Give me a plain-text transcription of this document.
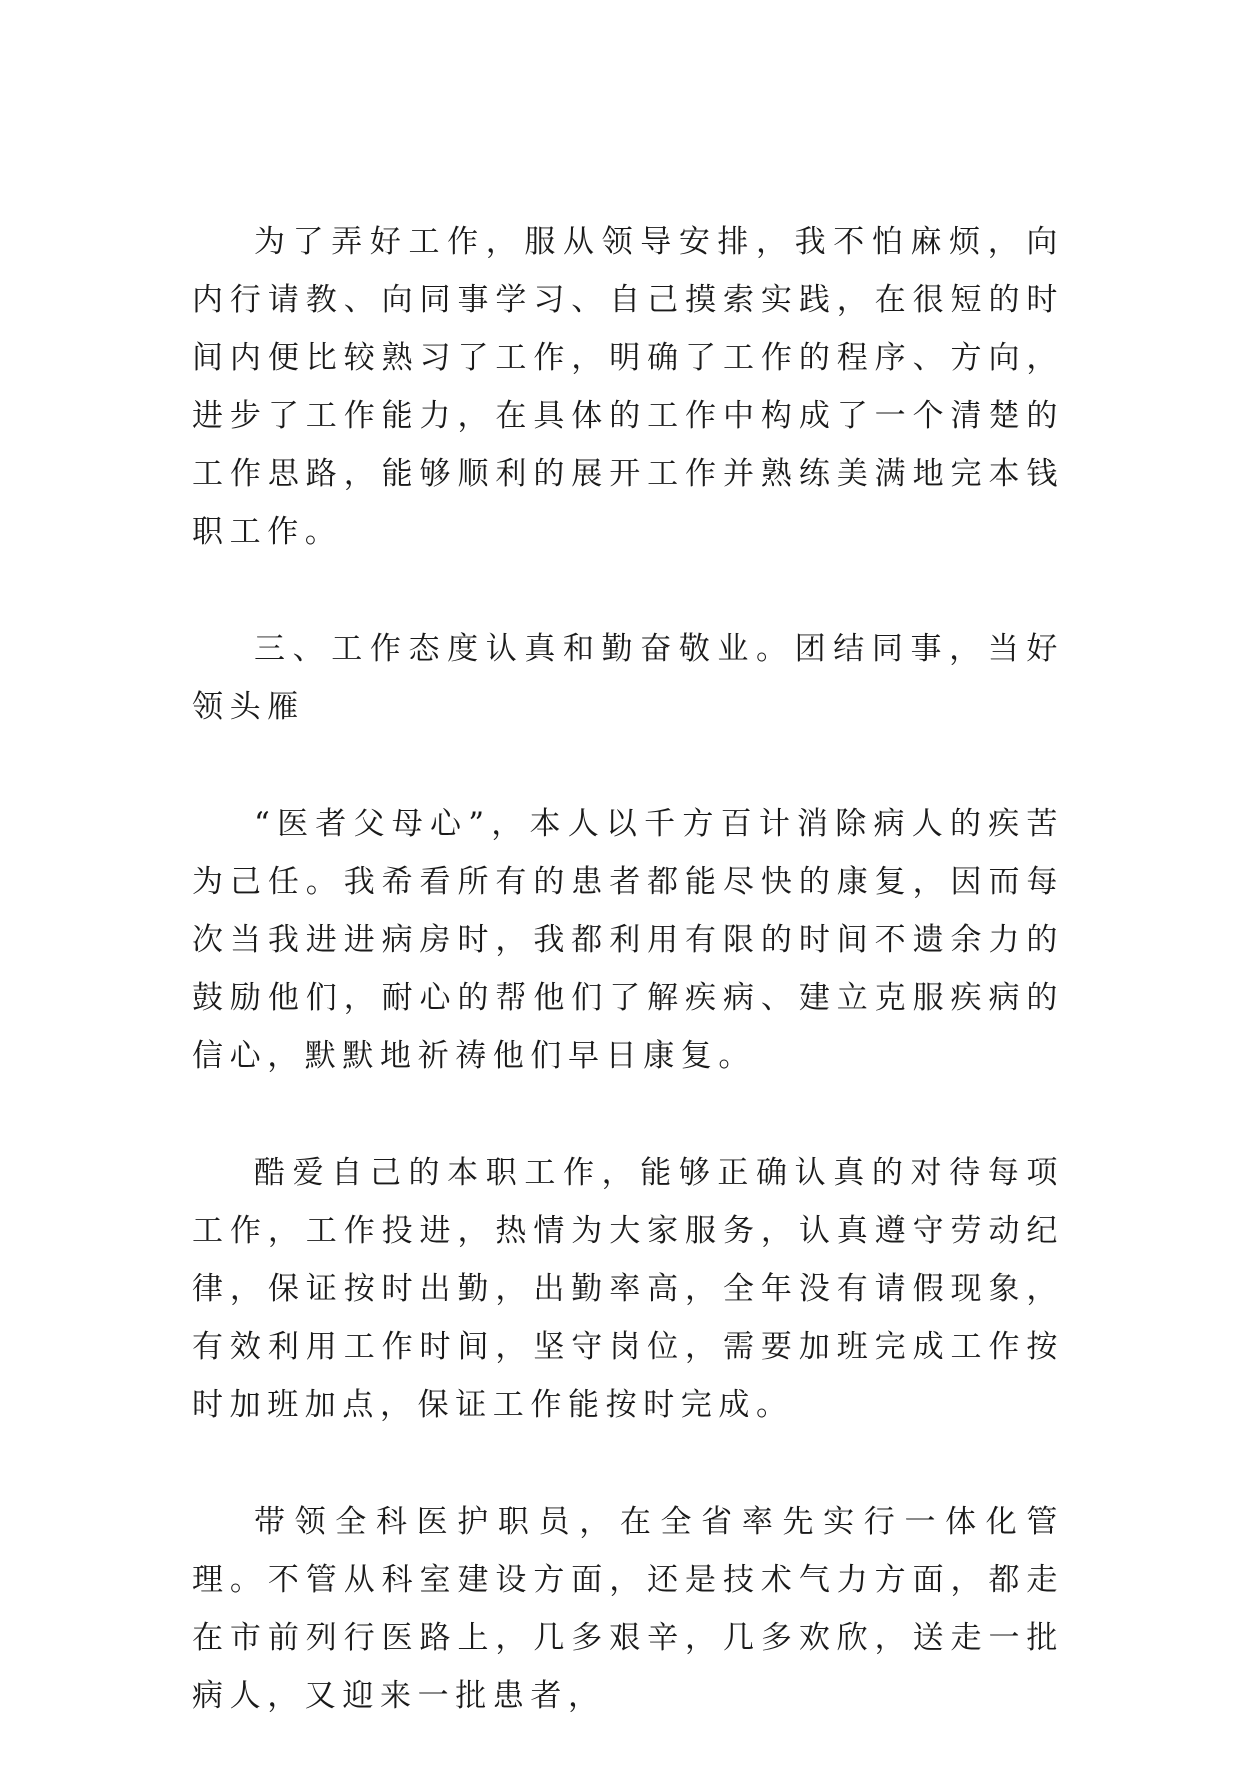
为了弄好工作，服从领导安排，我不怕麻烦，向内行请教、向同事学习、自己摸索实践，在很短的时间内便比较熟习了工作，明确了工作的程序、方向，进步了工作能力，在具体的工作中构成了一个清楚的工作思路，能够顺利的展开工作并熟练美满地完本钱职工作。

三、工作态度认真和勤奋敬业。团结同事，当好领头雁

“医者父母心”，本人以千方百计消除病人的疾苦为己任。我希看所有的患者都能尽快的康复，因而每次当我进进病房时，我都利用有限的时间不遗余力的鼓励他们，耐心的帮他们了解疾病、建立克服疾病的信心，默默地祈祷他们早日康复。

酷爱自己的本职工作，能够正确认真的对待每项工作，工作投进，热情为大家服务，认真遵守劳动纪律，保证按时出勤，出勤率高，全年没有请假现象，有效利用工作时间，坚守岗位，需要加班完成工作按时加班加点，保证工作能按时完成。

带领全科医护职员，在全省率先实行一体化管理。不管从科室建设方面，还是技术气力方面，都走在市前列行医路上，几多艰辛，几多欢欣，送走一批病人，又迎来一批患者，
